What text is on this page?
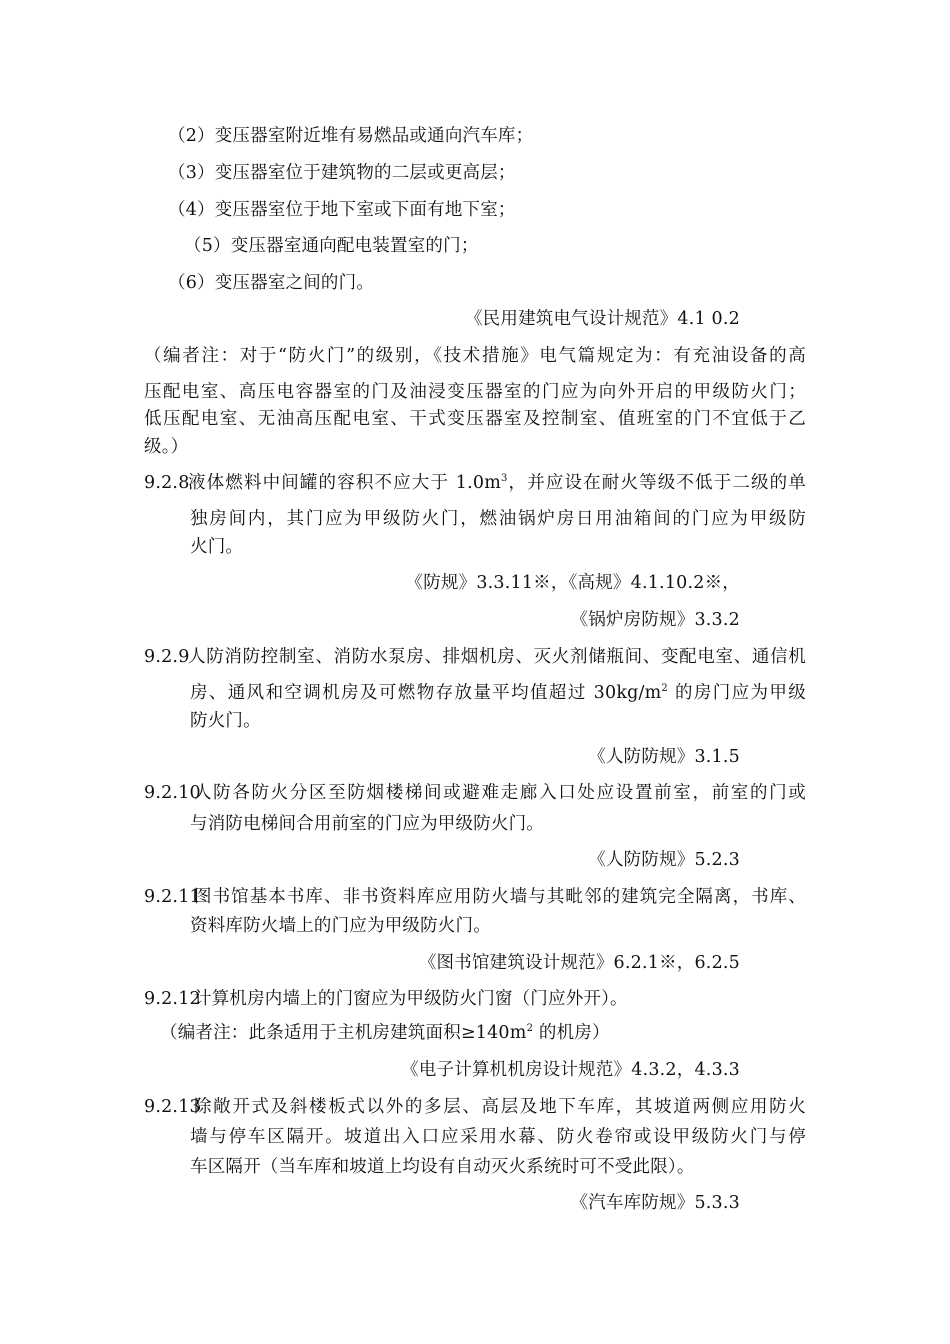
（2）变压器室附近堆有易燃品或通向汽车库；
（3）变压器室位于建筑物的二层或更高层；
（4）变压器室位于地下室或下面有地下室；
（5）变压器室通向配电装置室的门；
（6）变压器室之间的门。
《民用建筑电气设计规范》4.1 0.2
（编者注：对于“防火门”的级别，《技术措施》电气篇规定为：有充油设备的高
压配电室、高压电容器室的门及油浸变压器室的门应为向外开启的甲级防火门；
低压配电室、无油高压配电室、干式变压器室及控制室、值班室的门不宜低于乙
级。）
9.2.8
液体燃料中间罐的容积不应大于 $1.0m^3$，并应设在耐火等级不低于二级的单
独房间内，其门应为甲级防火门，燃油锅炉房日用油箱间的门应为甲级防
火门。
《防规》3.3.11※，《高规》4.1.10.2※，
《锅炉房防规》3.3.2
9.2.9
人防消防控制室、消防水泵房、排烟机房、灭火剂储瓶间、变配电室、通信机
房、通风和空调机房及可燃物存放量平均值超过 $30kg/m^2$ 的房门应为甲级
防火门。
《人防防规》3.1.5
9.2.10
人防各防火分区至防烟楼梯间或避难走廊入口处应设置前室，前室的门或
与消防电梯间合用前室的门应为甲级防火门。
《人防防规》5.2.3
9.2.11
图书馆基本书库、非书资料库应用防火墙与其毗邻的建筑完全隔离，书库、
资料库防火墙上的门应为甲级防火门。
《图书馆建筑设计规范》6.2.1※，6.2.5
9.2.12
计算机房内墙上的门窗应为甲级防火门窗（门应外开）。
（编者注：此条适用于主机房建筑面积$\ge 140m^2$ 的机房）
《电子计算机机房设计规范》4.3.2，4.3.3
9.2.13
除敞开式及斜楼板式以外的多层、高层及地下车库，其坡道两侧应用防火
墙与停车区隔开。坡道出入口应采用水幕、防火卷帘或设甲级防火门与停
车区隔开（当车库和坡道上均设有自动灭火系统时可不受此限）。
《汽车库防规》5.3.3
